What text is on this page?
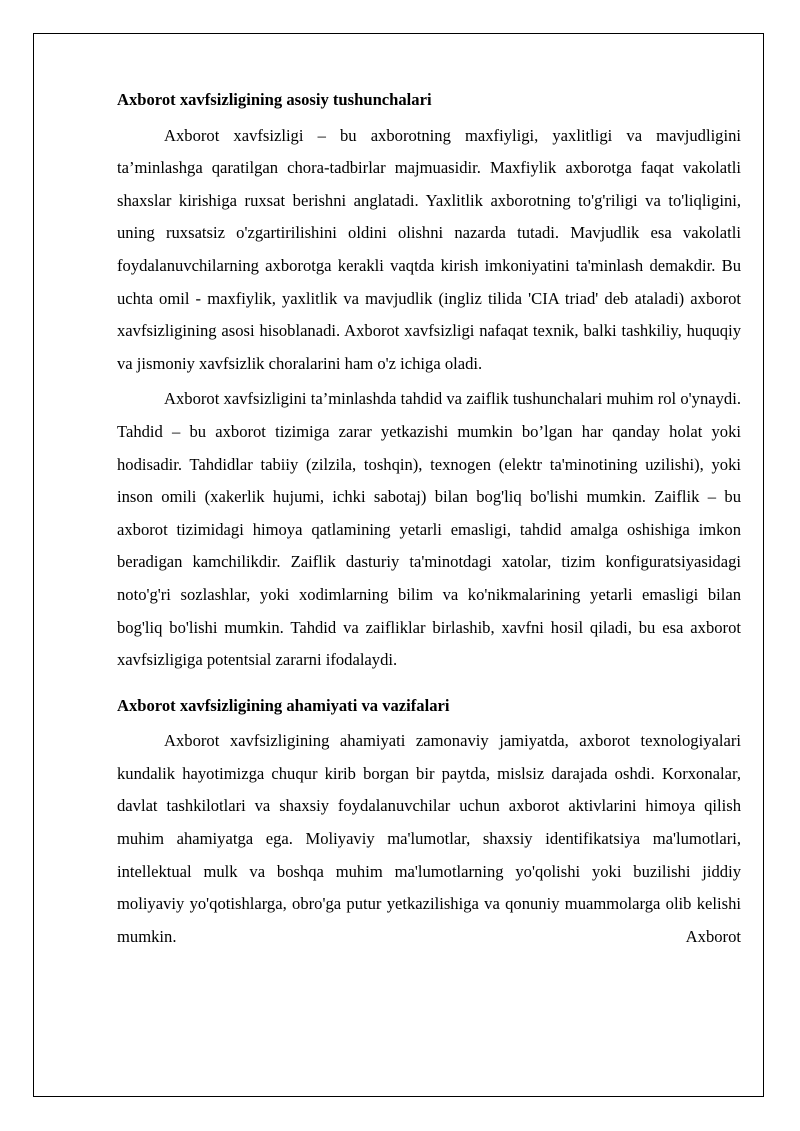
Axborot xavfsizligining asosiy tushunchalari

Axborot xavfsizligi – bu axborotning maxfiyligi, yaxlitligi va mavjudligini ta’minlashga qaratilgan chora-tadbirlar majmuasidir. Maxfiylik axborotga faqat vakolatli shaxslar kirishiga ruxsat berishni anglatadi. Yaxlitlik axborotning to'g'riligi va to'liqligini, uning ruxsatsiz o'zgartirilishini oldini olishni nazarda tutadi. Mavjudlik esa vakolatli foydalanuvchilarning axborotga kerakli vaqtda kirish imkoniyatini ta'minlash demakdir. Bu uchta omil - maxfiylik, yaxlitlik va mavjudlik (ingliz tilida 'CIA triad' deb ataladi) axborot xavfsizligining asosi hisoblanadi. Axborot xavfsizligi nafaqat texnik, balki tashkiliy, huquqiy va jismoniy xavfsizlik choralarini ham o'z ichiga oladi.

Axborot xavfsizligini ta’minlashda tahdid va zaiflik tushunchalari muhim rol o'ynaydi. Tahdid – bu axborot tizimiga zarar yetkazishi mumkin bo’lgan har qanday holat yoki hodisadir. Tahdidlar tabiiy (zilzila, toshqin), texnogen (elektr ta'minotining uzilishi), yoki inson omili (xakerlik hujumi, ichki sabotaj) bilan bog'liq bo'lishi mumkin. Zaiflik – bu axborot tizimidagi himoya qatlamining yetarli emasligi, tahdid amalga oshishiga imkon beradigan kamchilikdir. Zaiflik dasturiy ta'minotdagi xatolar, tizim konfiguratsiyasidagi noto'g'ri sozlashlar, yoki xodimlarning bilim va ko'nikmalarining yetarli emasligi bilan bog'liq bo'lishi mumkin. Tahdid va zaifliklar birlashib, xavfni hosil qiladi, bu esa axborot xavfsizligiga potentsial zararni ifodalaydi.

Axborot xavfsizligining ahamiyati va vazifalari

Axborot xavfsizligining ahamiyati zamonaviy jamiyatda, axborot texnologiyalari kundalik hayotimizga chuqur kirib borgan bir paytda, mislsiz darajada oshdi. Korxonalar, davlat tashkilotlari va shaxsiy foydalanuvchilar uchun axborot aktivlarini himoya qilish muhim ahamiyatga ega. Moliyaviy ma'lumotlar, shaxsiy identifikatsiya ma'lumotlari, intellektual mulk va boshqa muhim ma'lumotlarning yo'qolishi yoki buzilishi jiddiy moliyaviy yo'qotishlarga, obro'ga putur yetkazilishiga va qonuniy muammolarga olib kelishi mumkin. Axborot
